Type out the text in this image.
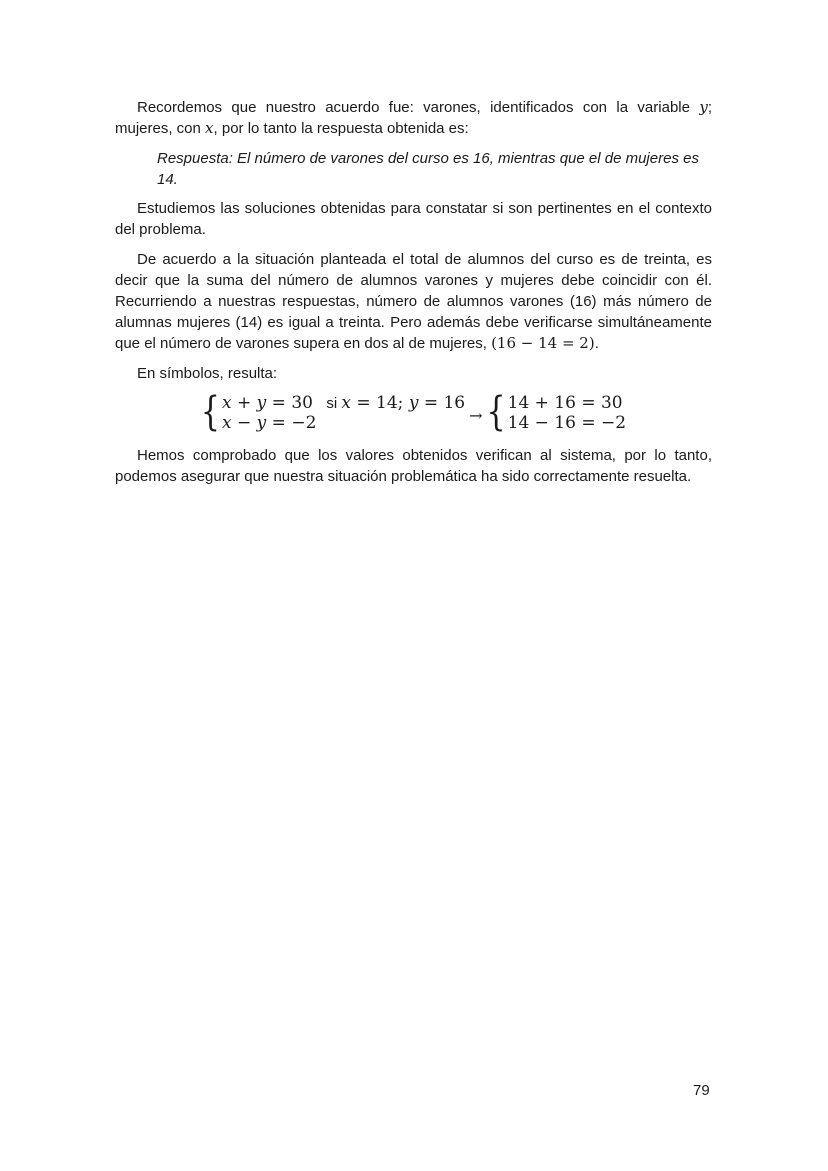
Recordemos que nuestro acuerdo fue: varones, identificados con la variable y; mujeres, con x, por lo tanto la respuesta obtenida es:

Respuesta: El número de varones del curso es 16, mientras que el de mujeres es 14.

Estudiemos las soluciones obtenidas para constatar si son pertinentes en el contexto del problema.

De acuerdo a la situación planteada el total de alumnos del curso es de treinta, es decir que la suma del número de alumnos varones y mujeres debe coincidir con él. Recurriendo a nuestras respuestas, número de alumnos varones (16) más número de alumnas mujeres (14) es igual a treinta. Pero además debe verificarse simultáneamente que el número de varones supera en dos al de mujeres, (16 − 14 = 2).

En símbolos, resulta:

{ x + y = 30
x − y = −2
si x = 14; y = 16
→ { 14 + 16 = 30
14 − 16 = −2

Hemos comprobado que los valores obtenidos verifican al sistema, por lo tanto, podemos asegurar que nuestra situación problemática ha sido correctamente resuelta.

79
